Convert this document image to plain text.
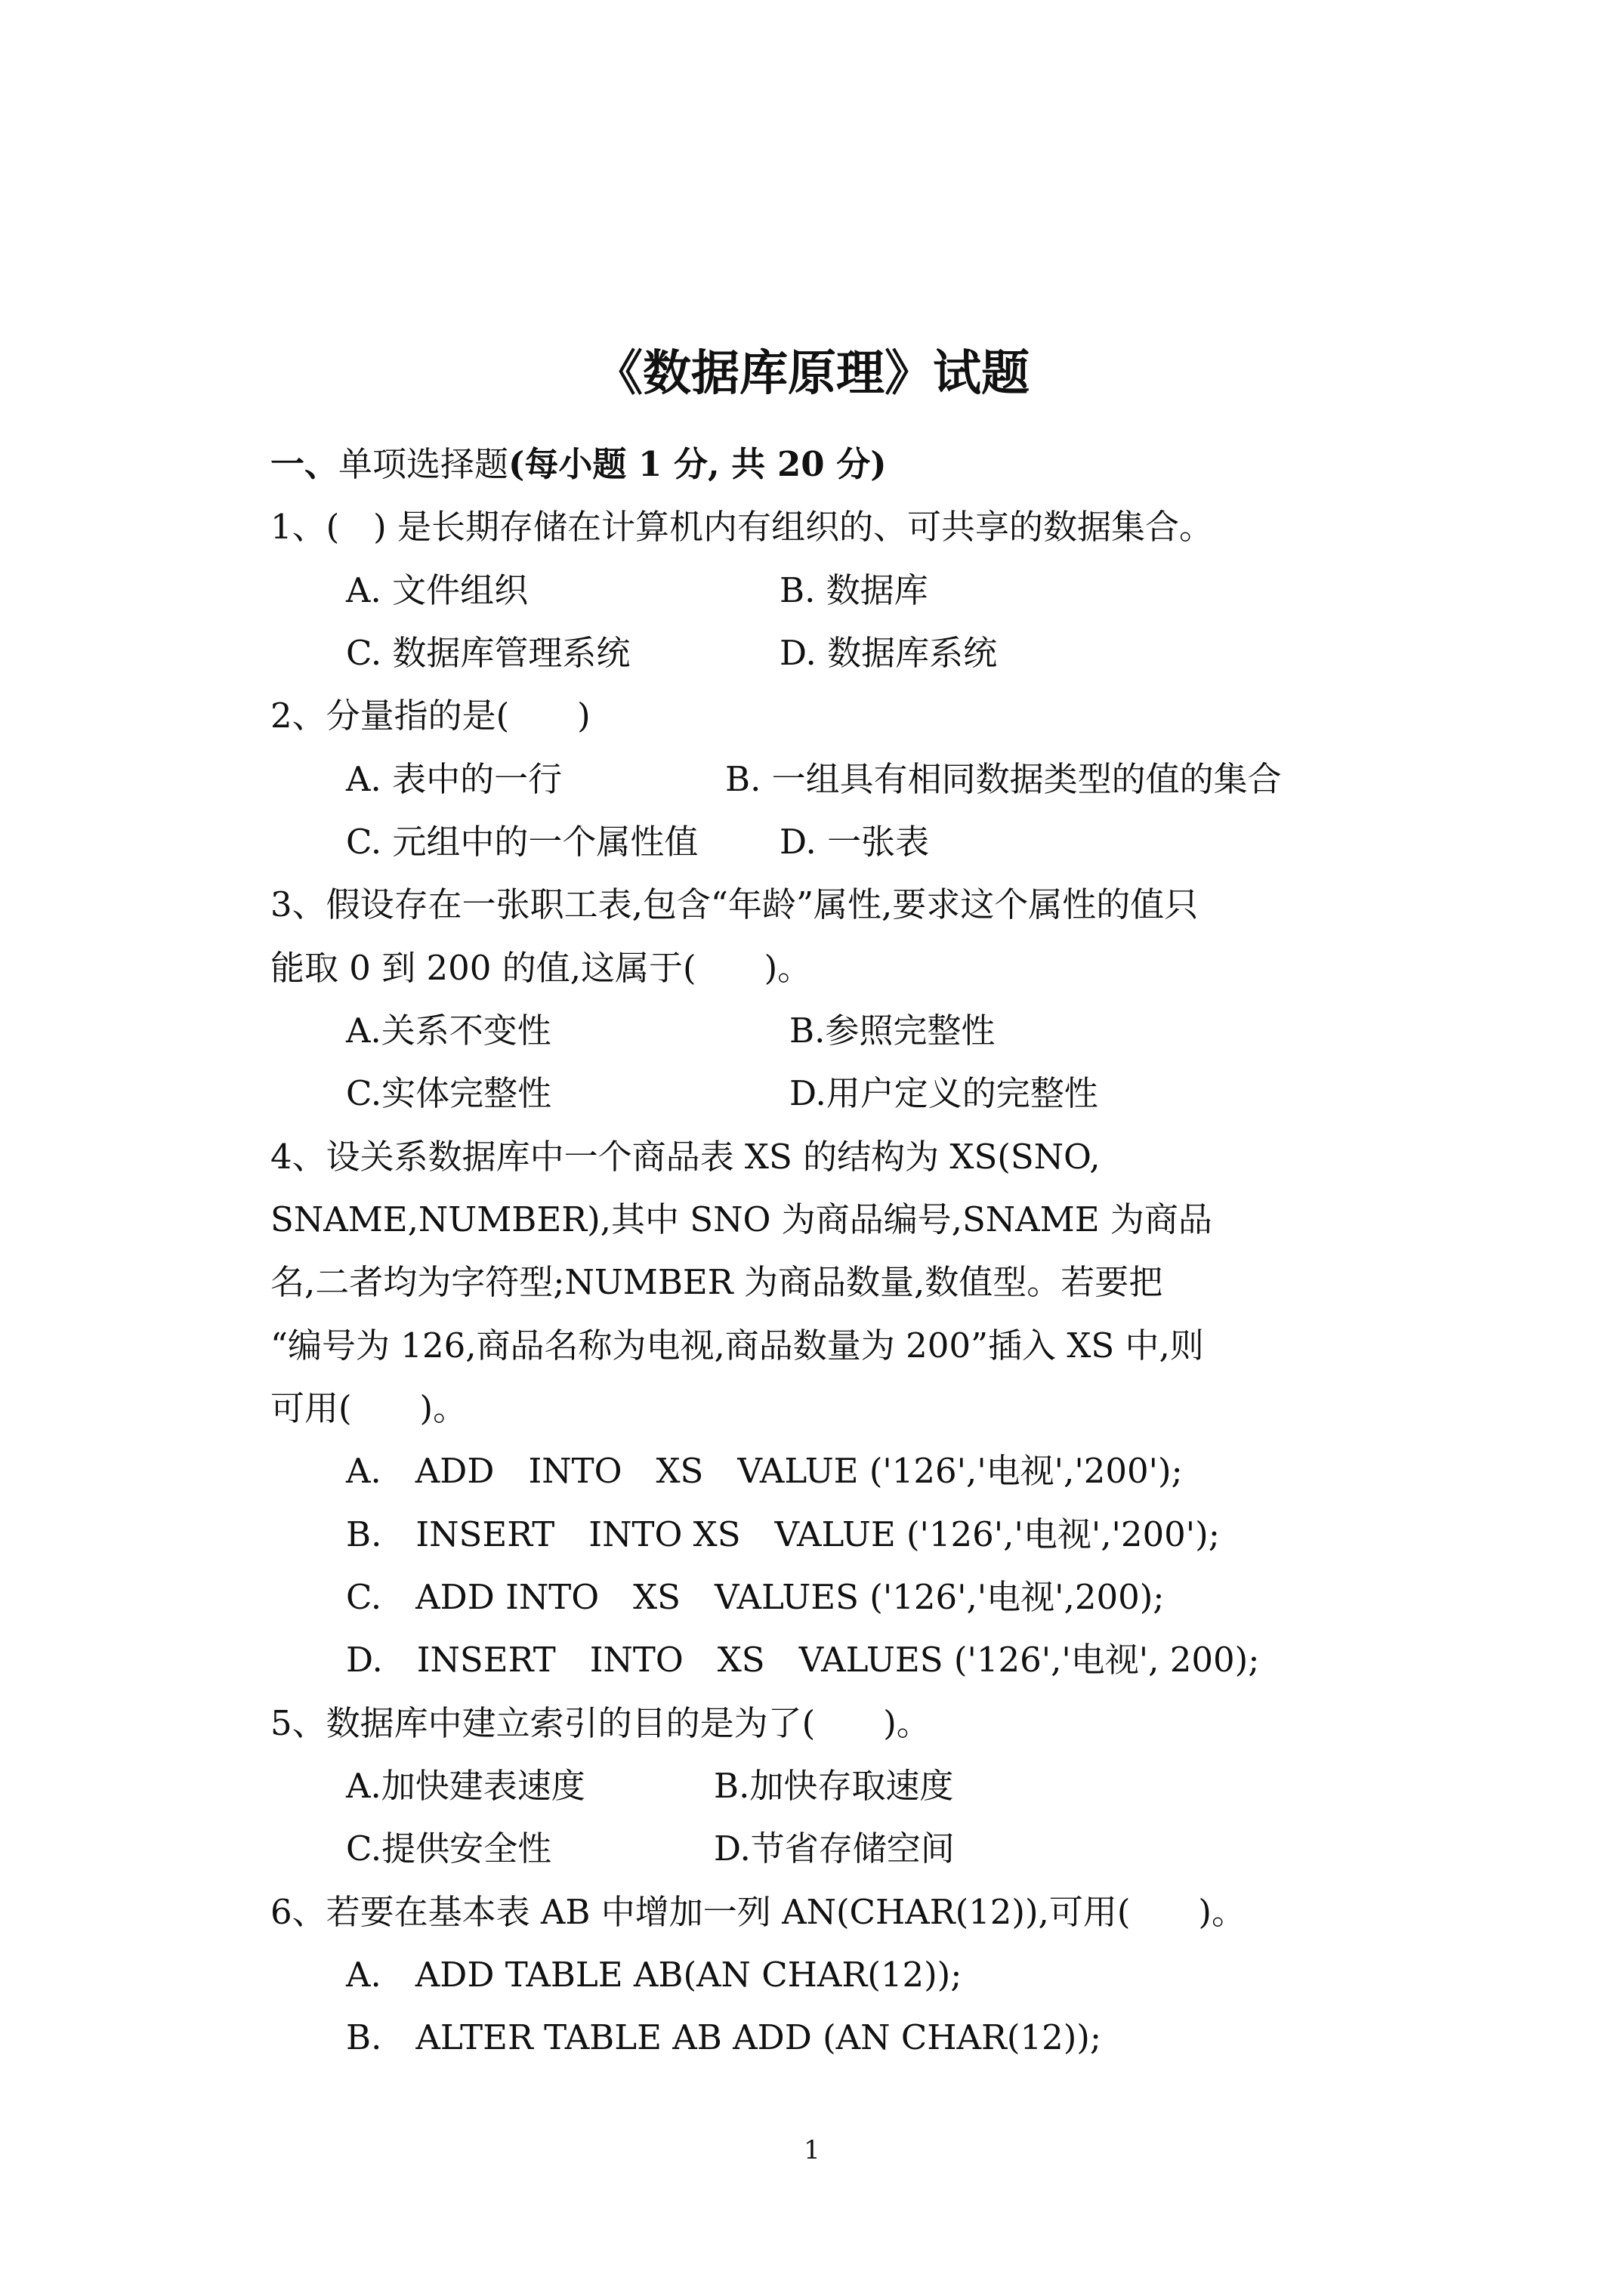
《数据库原理》试题
一、单项选择题(每小题 1 分, 共 20 分)
1、(　) 是长期存储在计算机内有组织的、可共享的数据集合。
A. 文件组织	B. 数据库
C. 数据库管理系统	D. 数据库系统
2、分量指的是(　　)
A. 表中的一行	B. 一组具有相同数据类型的值的集合
C. 元组中的一个属性值 D. 一张表
3、假设存在一张职工表,包含“年龄”属性,要求这个属性的值只
能取 0 到 200 的值,这属于(　　)。
A.关系不变性	B.参照完整性
C.实体完整性	D.用户定义的完整性
4、设关系数据库中一个商品表 XS 的结构为 XS(SNO,
SNAME,NUMBER),其中 SNO 为商品编号,SNAME 为商品
名,二者均为字符型;NUMBER 为商品数量,数值型。若要把
“编号为 126,商品名称为电视,商品数量为 200”插入 XS 中,则
可用(　　)。
A.　ADD　INTO　XS　VALUE ('126','电视','200');
B.　INSERT　INTO XS　VALUE ('126','电视','200');
C.　ADD INTO　XS　VALUES ('126','电视',200);
D.　INSERT　INTO　XS　VALUES ('126','电视', 200);
5、数据库中建立索引的目的是为了(　　)。
A.加快建表速度	B.加快存取速度
C.提供安全性	D.节省存储空间
6、若要在基本表 AB 中增加一列 AN(CHAR(12)),可用(　　)。
A.　ADD TABLE AB(AN CHAR(12));
B.　ALTER TABLE AB ADD (AN CHAR(12));
1
